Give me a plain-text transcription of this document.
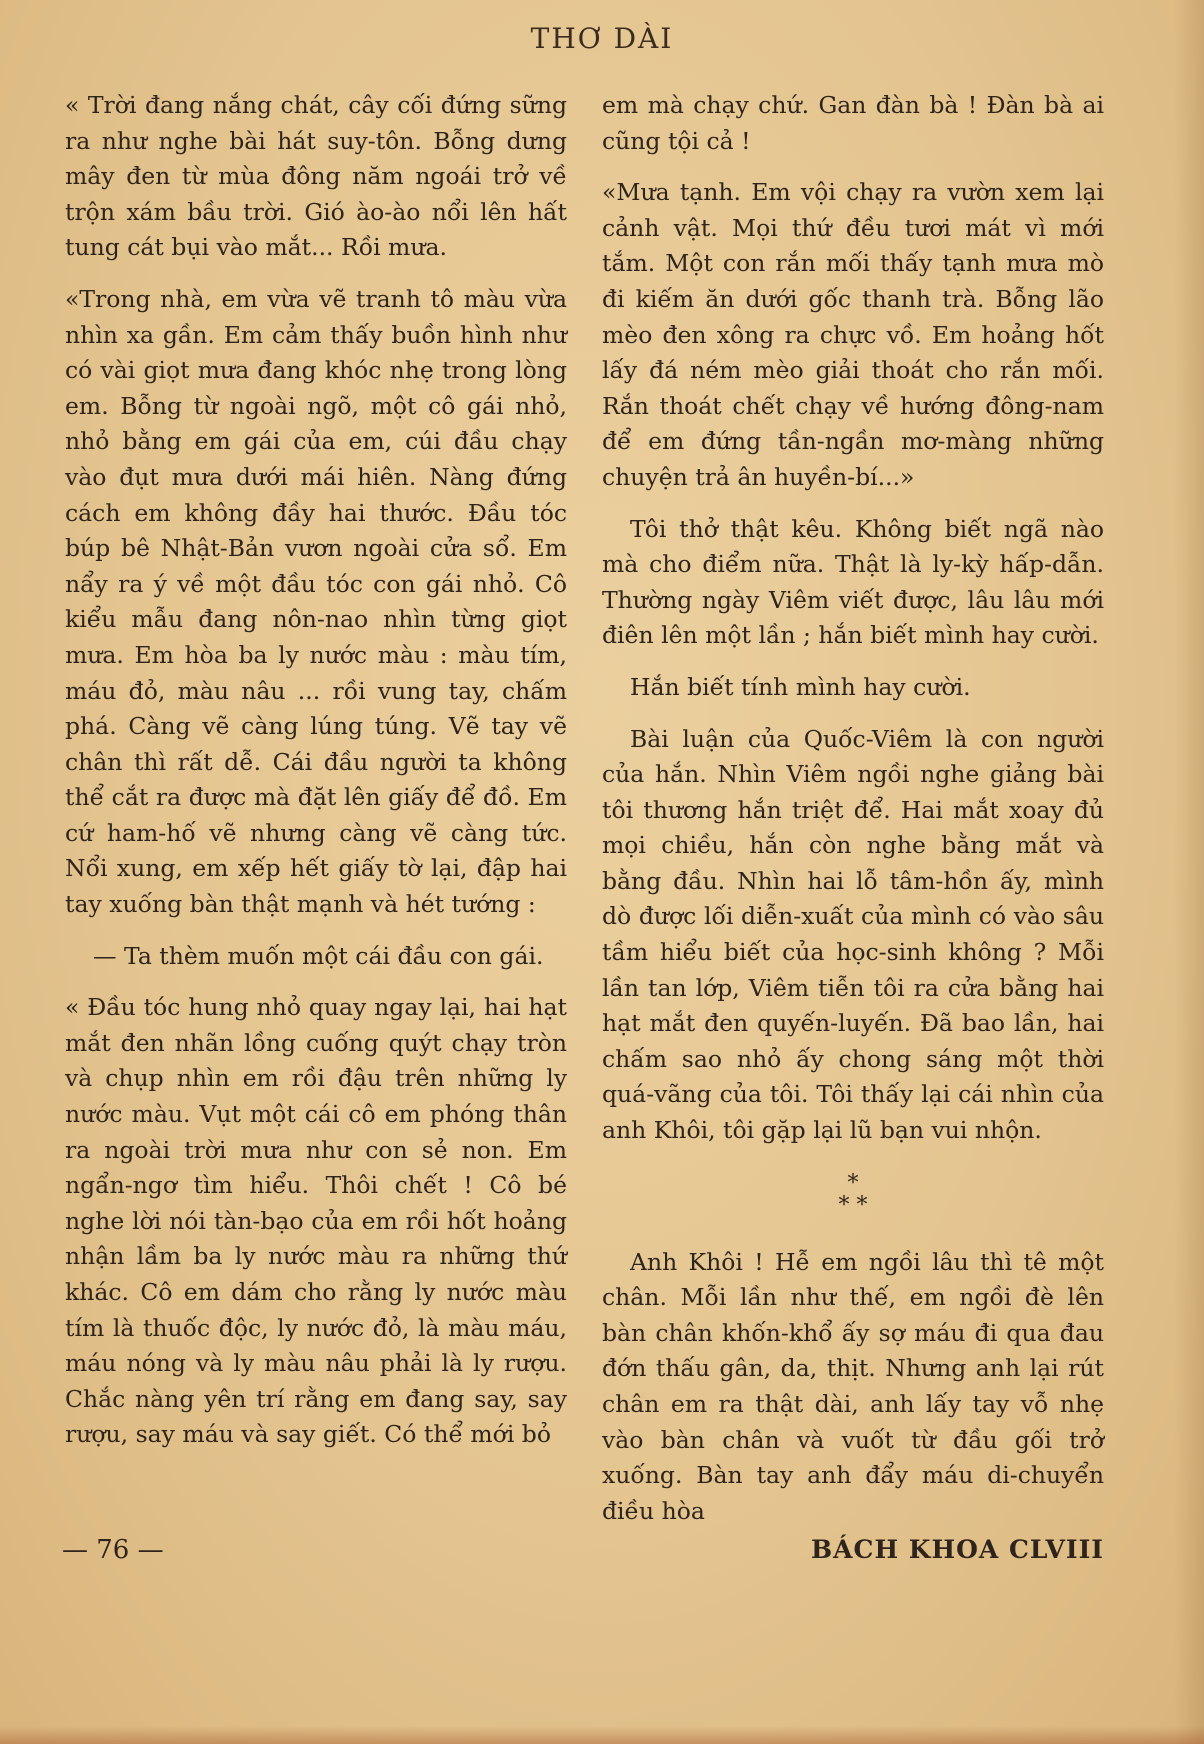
THƠ DÀI

« Trời đang nắng chát, cây cối đứng sững ra như nghe bài hát suy-tôn. Bỗng dưng mây đen từ mùa đông năm ngoái trở về trộn xám bầu trời. Gió ào-ào nổi lên hất tung cát bụi vào mắt... Rồi mưa.

«Trong nhà, em vừa vẽ tranh tô màu vừa nhìn xa gần. Em cảm thấy buồn hình như có vài giọt mưa đang khóc nhẹ trong lòng em. Bỗng từ ngoài ngõ, một cô gái nhỏ, nhỏ bằng em gái của em, cúi đầu chạy vào đụt mưa dưới mái hiên. Nàng đứng cách em không đầy hai thước. Đầu tóc búp bê Nhật-Bản vươn ngoài cửa sổ. Em nẩy ra ý về một đầu tóc con gái nhỏ. Cô kiểu mẫu đang nôn-nao nhìn từng giọt mưa. Em hòa ba ly nước màu : màu tím, máu đỏ, màu nâu ... rồi vung tay, chấm phá. Càng vẽ càng lúng túng. Vẽ tay vẽ chân thì rất dễ. Cái đầu người ta không thể cắt ra được mà đặt lên giấy để đồ. Em cứ ham-hố vẽ nhưng càng vẽ càng tức. Nổi xung, em xếp hết giấy tờ lại, đập hai tay xuống bàn thật mạnh và hét tướng :

— Ta thèm muốn một cái đầu con gái.

« Đầu tóc hung nhỏ quay ngay lại, hai hạt mắt đen nhãn lồng cuống quýt chạy tròn và chụp nhìn em rồi đậu trên những ly nước màu. Vụt một cái cô em phóng thân ra ngoài trời mưa như con sẻ non. Em ngẩn-ngơ tìm hiểu. Thôi chết ! Cô bé nghe lời nói tàn-bạo của em rồi hốt hoảng nhận lầm ba ly nước màu ra những thứ khác. Cô em dám cho rằng ly nước màu tím là thuốc độc, ly nước đỏ, là màu máu, máu nóng và ly màu nâu phải là ly rượu. Chắc nàng yên trí rằng em đang say, say rượu, say máu và say giết. Có thể mới bỏ

em mà chạy chứ. Gan đàn bà ! Đàn bà ai cũng tội cả !

«Mưa tạnh. Em vội chạy ra vườn xem lại cảnh vật. Mọi thứ đều tươi mát vì mới tắm. Một con rắn mối thấy tạnh mưa mò đi kiếm ăn dưới gốc thanh trà. Bỗng lão mèo đen xông ra chực vồ. Em hoảng hốt lấy đá ném mèo giải thoát cho rắn mối. Rắn thoát chết chạy về hướng đông-nam để em đứng tần-ngần mơ-màng những chuyện trả ân huyền-bí...»

Tôi thở thật kêu. Không biết ngã nào mà cho điểm nữa. Thật là ly-kỳ hấp-dẫn. Thường ngày Viêm viết được, lâu lâu mới điên lên một lần ; hắn biết mình hay cười.

Hắn biết tính mình hay cười.

Bài luận của Quốc-Viêm là con người của hắn. Nhìn Viêm ngồi nghe giảng bài tôi thương hắn triệt để. Hai mắt xoay đủ mọi chiều, hắn còn nghe bằng mắt và bằng đầu. Nhìn hai lỗ tâm-hồn ấy, mình dò được lối diễn-xuất của mình có vào sâu tầm hiểu biết của học-sinh không ? Mỗi lần tan lớp, Viêm tiễn tôi ra cửa bằng hai hạt mắt đen quyến-luyến. Đã bao lần, hai chấm sao nhỏ ấy chong sáng một thời quá-vãng của tôi. Tôi thấy lại cái nhìn của anh Khôi, tôi gặp lại lũ bạn vui nhộn.

*
* *

Anh Khôi ! Hễ em ngồi lâu thì tê một chân. Mỗi lần như thế, em ngồi đè lên bàn chân khốn-khổ ấy sợ máu đi qua đau đớn thấu gân, da, thịt. Nhưng anh lại rút chân em ra thật dài, anh lấy tay vỗ nhẹ vào bàn chân và vuốt từ đầu gối trở xuống. Bàn tay anh đẩy máu di-chuyển điều hòa

— 76 —	BÁCH KHOA CLVIII
